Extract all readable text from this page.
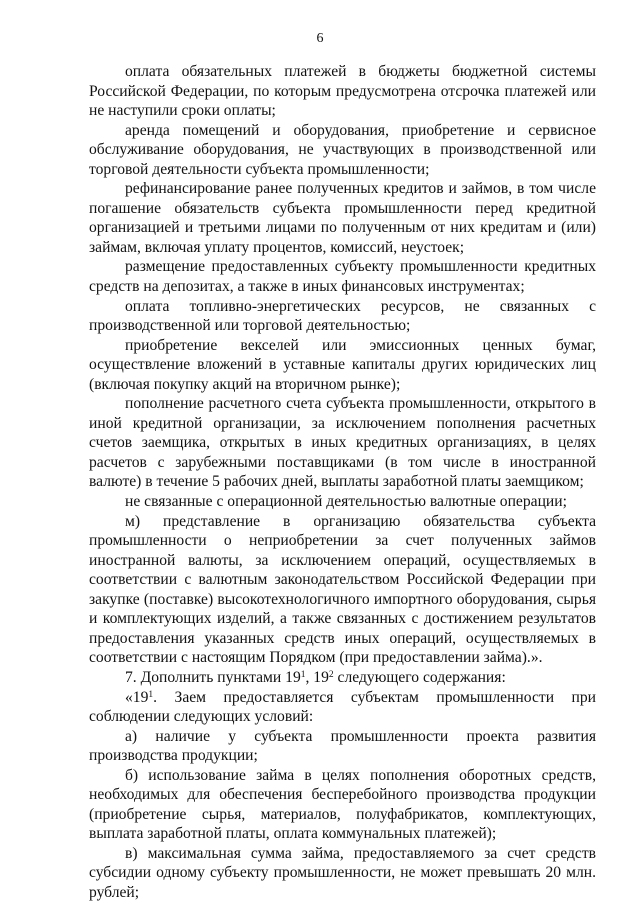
6

оплата обязательных платежей в бюджеты бюджетной системы Российской Федерации, по которым предусмотрена отсрочка платежей или не наступили сроки оплаты;

аренда помещений и оборудования, приобретение и сервисное обслуживание оборудования, не участвующих в производственной или торговой деятельности субъекта промышленности;

рефинансирование ранее полученных кредитов и займов, в том числе погашение обязательств субъекта промышленности перед кредитной организацией и третьими лицами по полученным от них кредитам и (или) займам, включая уплату процентов, комиссий, неустоек;

размещение предоставленных субъекту промышленности кредитных средств на депозитах, а также в иных финансовых инструментах;

оплата топливно-энергетических ресурсов, не связанных с производственной или торговой деятельностью;

приобретение векселей или эмиссионных ценных бумаг, осуществление вложений в уставные капиталы других юридических лиц (включая покупку акций на вторичном рынке);

пополнение расчетного счета субъекта промышленности, открытого в иной кредитной организации, за исключением пополнения расчетных счетов заемщика, открытых в иных кредитных организациях, в целях расчетов с зарубежными поставщиками (в том числе в иностранной валюте) в течение 5 рабочих дней, выплаты заработной платы заемщиком;

не связанные с операционной деятельностью валютные операции;

м) представление в организацию обязательства субъекта промышленности о неприобретении за счет полученных займов иностранной валюты, за исключением операций, осуществляемых в соответствии с валютным законодательством Российской Федерации при закупке (поставке) высокотехнологичного импортного оборудования, сырья и комплектующих изделий, а также связанных с достижением результатов предоставления указанных средств иных операций, осуществляемых в соответствии с настоящим Порядком (при предоставлении займа).».

7. Дополнить пунктами $19^1$, $19^2$ следующего содержания:

«$19^1$. Заем предоставляется субъектам промышленности при соблюдении следующих условий:

а) наличие у субъекта промышленности проекта развития производства продукции;

б) использование займа в целях пополнения оборотных средств, необходимых для обеспечения бесперебойного производства продукции (приобретение сырья, материалов, полуфабрикатов, комплектующих, выплата заработной платы, оплата коммунальных платежей);

в) максимальная сумма займа, предоставляемого за счет средств субсидии одному субъекту промышленности, не может превышать 20 млн. рублей;
